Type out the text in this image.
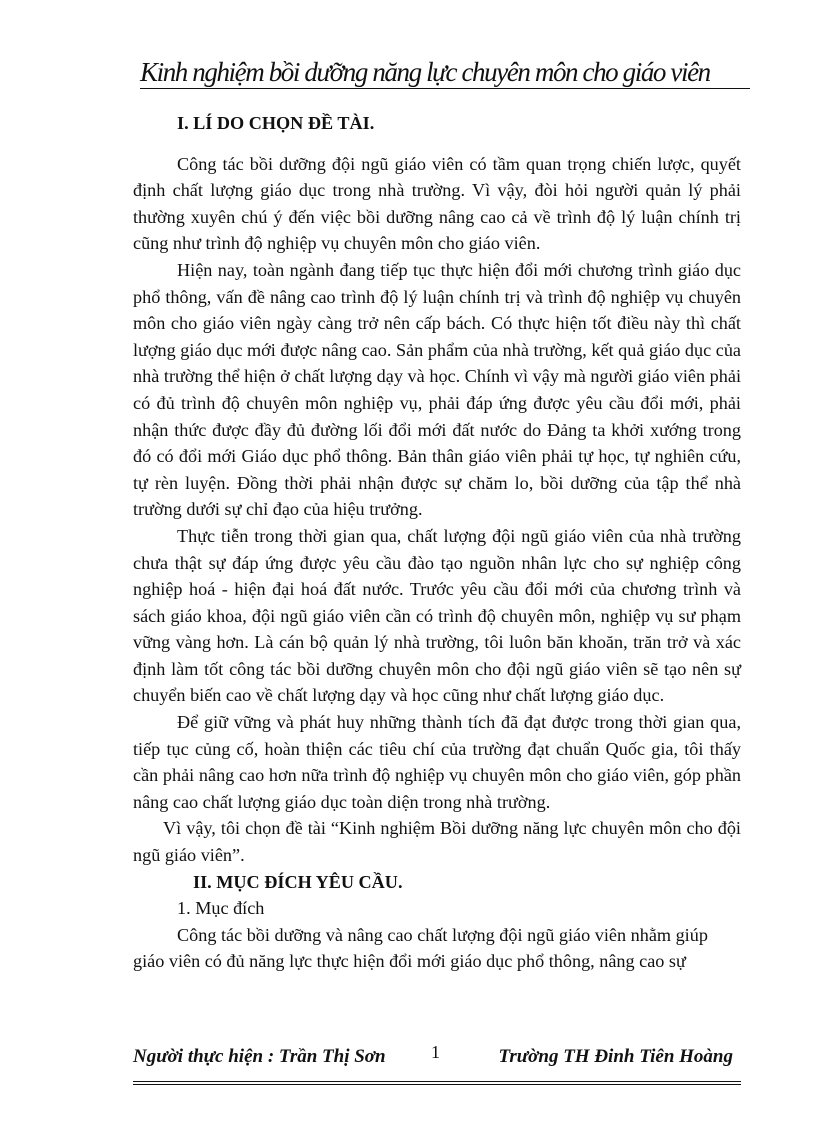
Kinh nghiệm bồi dưỡng năng lực chuyên môn cho giáo viên

I. LÍ DO CHỌN ĐỀ TÀI.

Công tác bồi dưỡng đội ngũ giáo viên có tầm quan trọng chiến lược, quyết định chất lượng giáo dục trong nhà trường. Vì vậy, đòi hỏi người quản lý phải thường xuyên chú ý đến việc bồi dưỡng nâng cao cả về trình độ lý luận chính trị cũng như trình độ nghiệp vụ chuyên môn cho giáo viên.

Hiện nay, toàn ngành đang tiếp tục thực hiện đổi mới chương trình giáo dục phổ thông, vấn đề nâng cao trình độ lý luận chính trị và trình độ nghiệp vụ chuyên môn cho giáo viên ngày càng trở nên cấp bách. Có thực hiện tốt điều này thì chất lượng giáo dục mới được nâng cao. Sản phẩm của nhà trường, kết quả giáo dục của nhà trường thể hiện ở chất lượng dạy và học. Chính vì vậy mà người giáo viên phải có đủ trình độ chuyên môn nghiệp vụ, phải đáp ứng được yêu cầu đổi mới, phải nhận thức được đầy đủ đường lối đổi mới đất nước do Đảng ta khởi xướng trong đó có đổi mới Giáo dục phổ thông. Bản thân giáo viên phải tự học, tự nghiên cứu, tự rèn luyện. Đồng thời phải nhận được sự chăm lo, bồi dưỡng của tập thể nhà trường dưới sự chỉ đạo của hiệu trưởng.

Thực tiễn trong thời gian qua, chất lượng đội ngũ giáo viên của nhà trường chưa thật sự đáp ứng được yêu cầu đào tạo nguồn nhân lực cho sự nghiệp công nghiệp hoá - hiện đại hoá đất nước. Trước yêu cầu đổi mới của chương trình và sách giáo khoa, đội ngũ giáo viên cần có trình độ chuyên môn, nghiệp vụ sư phạm vững vàng hơn. Là cán bộ quản lý nhà trường, tôi luôn băn khoăn, trăn trở và xác định làm tốt công tác bồi dưỡng chuyên môn cho đội ngũ giáo viên sẽ tạo nên sự chuyển biến cao về chất lượng dạy và học cũng như chất lượng giáo dục.

Để giữ vững và phát huy những thành tích đã đạt được trong thời gian qua, tiếp tục củng cố, hoàn thiện các tiêu chí của trường đạt chuẩn Quốc gia, tôi thấy cần phải nâng cao hơn nữa trình độ nghiệp vụ chuyên môn cho giáo viên, góp phần nâng cao chất lượng giáo dục toàn diện trong nhà trường.

Vì vậy, tôi chọn đề tài “Kinh nghiệm Bồi dưỡng năng lực chuyên môn cho đội ngũ giáo viên”.

II. MỤC ĐÍCH YÊU CẦU.

1. Mục đích

Công tác bồi dưỡng và nâng cao chất lượng đội ngũ giáo viên nhằm giúp

giáo viên có đủ năng lực thực hiện đổi mới giáo dục phổ thông, nâng cao sự

Người thực hiện : Trần Thị Sơn	1	Trường TH Đinh Tiên Hoàng
